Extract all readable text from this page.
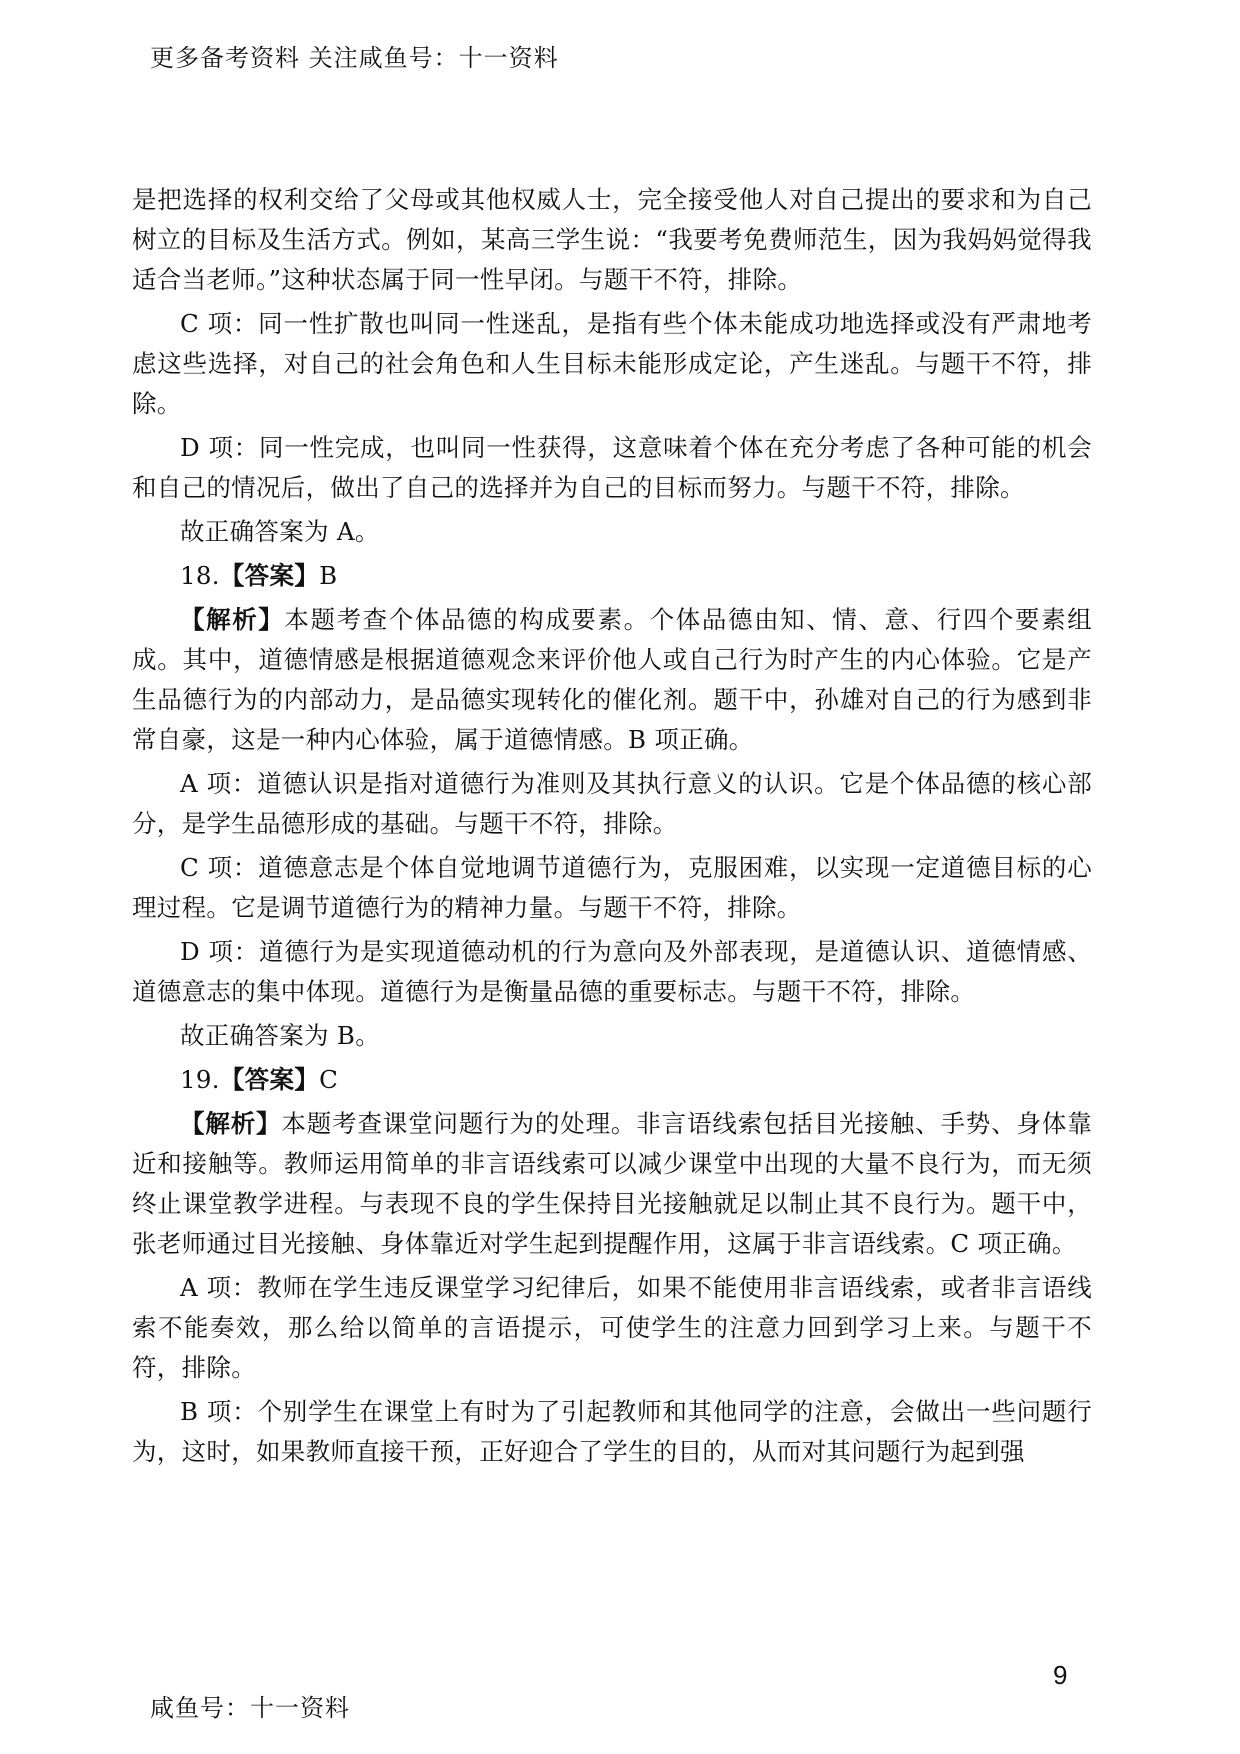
更多备考资料 关注咸鱼号：十一资料

是把选择的权利交给了父母或其他权威人士，完全接受他人对自己提出的要求和为自己树立的目标及生活方式。例如，某高三学生说：“我要考免费师范生，因为我妈妈觉得我适合当老师。”这种状态属于同一性早闭。与题干不符，排除。

C 项：同一性扩散也叫同一性迷乱，是指有些个体未能成功地选择或没有严肃地考虑这些选择，对自己的社会角色和人生目标未能形成定论，产生迷乱。与题干不符，排除。

D 项：同一性完成，也叫同一性获得，这意味着个体在充分考虑了各种可能的机会和自己的情况后，做出了自己的选择并为自己的目标而努力。与题干不符，排除。

故正确答案为 A。

18.【答案】B

【解析】本题考查个体品德的构成要素。个体品德由知、情、意、行四个要素组成。其中，道德情感是根据道德观念来评价他人或自己行为时产生的内心体验。它是产生品德行为的内部动力，是品德实现转化的催化剂。题干中，孙雄对自己的行为感到非常自豪，这是一种内心体验，属于道德情感。B 项正确。

A 项：道德认识是指对道德行为准则及其执行意义的认识。它是个体品德的核心部分，是学生品德形成的基础。与题干不符，排除。

C 项：道德意志是个体自觉地调节道德行为，克服困难，以实现一定道德目标的心理过程。它是调节道德行为的精神力量。与题干不符，排除。

D 项：道德行为是实现道德动机的行为意向及外部表现，是道德认识、道德情感、道德意志的集中体现。道德行为是衡量品德的重要标志。与题干不符，排除。

故正确答案为 B。

19.【答案】C

【解析】本题考查课堂问题行为的处理。非言语线索包括目光接触、手势、身体靠近和接触等。教师运用简单的非言语线索可以减少课堂中出现的大量不良行为，而无须终止课堂教学进程。与表现不良的学生保持目光接触就足以制止其不良行为。题干中，张老师通过目光接触、身体靠近对学生起到提醒作用，这属于非言语线索。C 项正确。

A 项：教师在学生违反课堂学习纪律后，如果不能使用非言语线索，或者非言语线索不能奏效，那么给以简单的言语提示，可使学生的注意力回到学习上来。与题干不符，排除。

B 项：个别学生在课堂上有时为了引起教师和其他同学的注意，会做出一些问题行为，这时，如果教师直接干预，正好迎合了学生的目的，从而对其问题行为起到强

9
咸鱼号：十一资料
